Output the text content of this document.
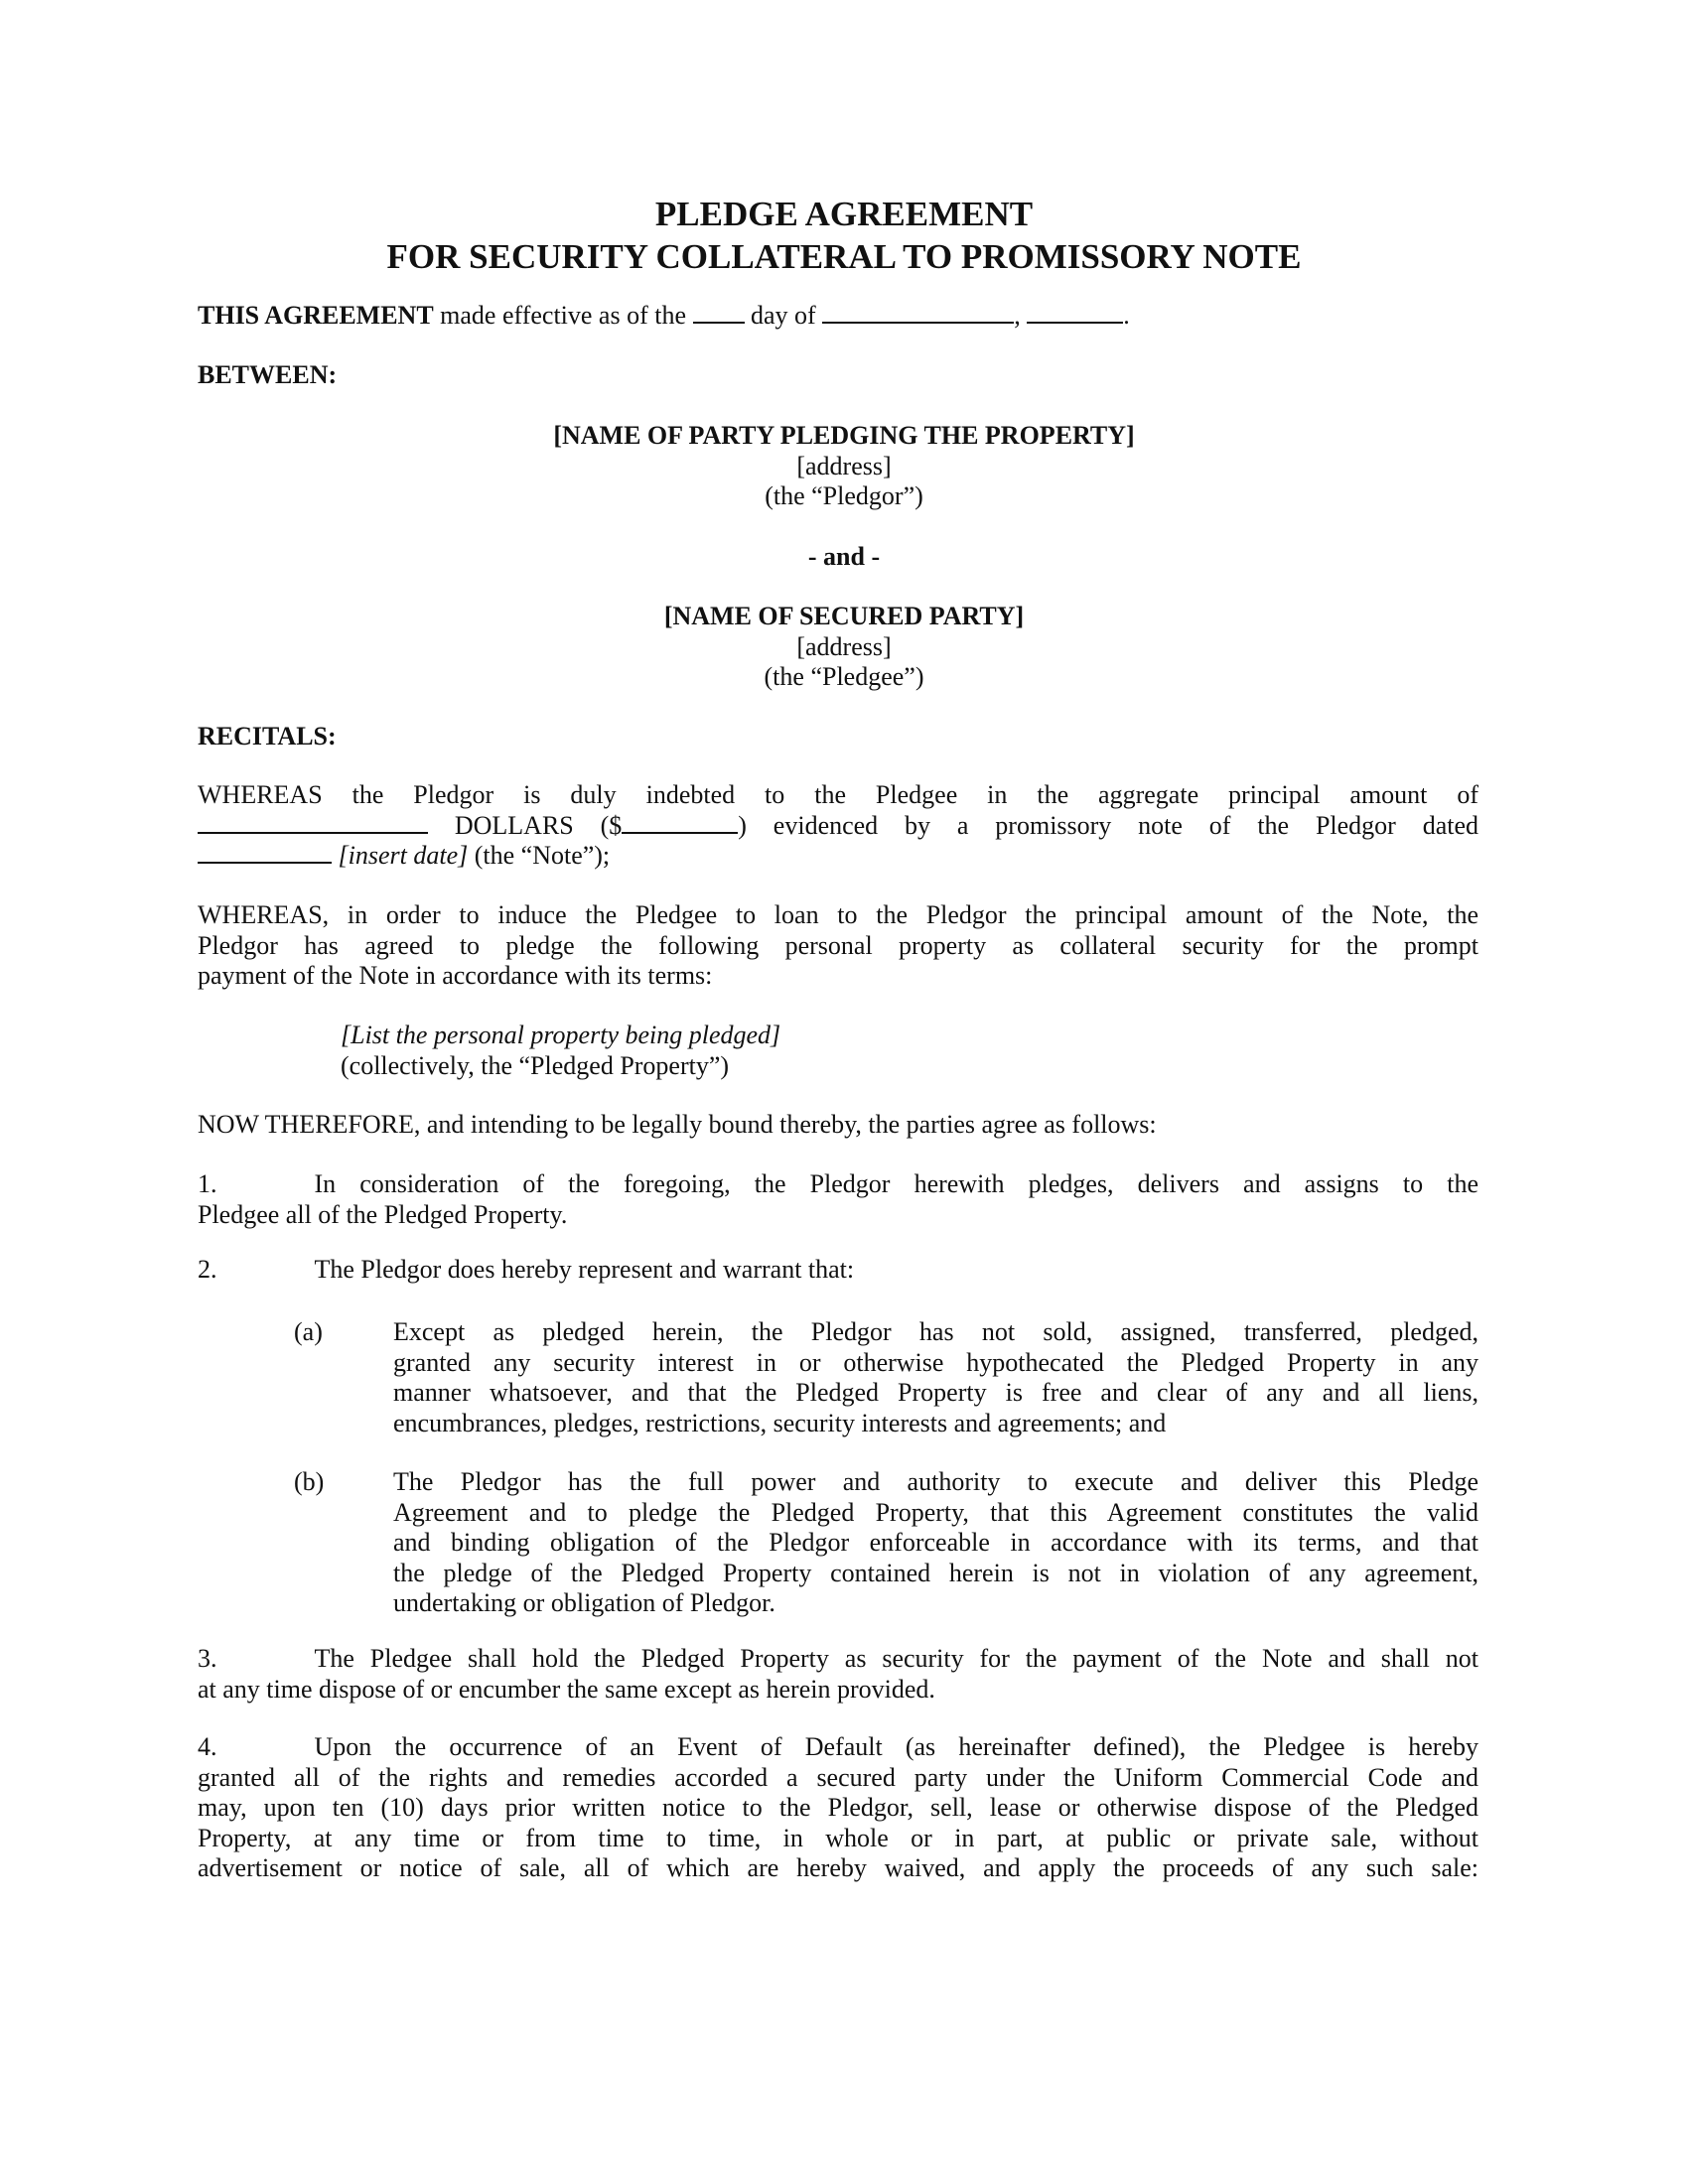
PLEDGE AGREEMENT
FOR SECURITY COLLATERAL TO PROMISSORY NOTE
THIS AGREEMENT made effective as of the  day of	,	.
BETWEEN:
[NAME OF PARTY PLEDGING THE PROPERTY]
[address]
(the “Pledgor”)
- and -
[NAME OF SECURED PARTY]
[address]
(the “Pledgee”)
RECITALS:
WHEREAS the Pledgor is duly indebted to the Pledgee in the aggregate principal amount of
DOLLARS ($	) evidenced by a promissory note of the Pledgor dated
[insert date] (the “Note”);
WHEREAS, in order to induce the Pledgee to loan to the Pledgor the principal amount of the Note, the
Pledgor has agreed to pledge the following personal property as collateral security for the prompt
payment of the Note in accordance with its terms:
[List the personal property being pledged]
(collectively, the “Pledged Property”)
NOW THEREFORE, and intending to be legally bound thereby, the parties agree as follows:
1.	In consideration of the foregoing, the Pledgor herewith pledges, delivers and assigns to the
Pledgee all of the Pledged Property.
2.	The Pledgor does hereby represent and warrant that:
(a)	Except as pledged herein, the Pledgor has not sold, assigned, transferred, pledged,
granted any security interest in or otherwise hypothecated the Pledged Property in any
manner whatsoever, and that the Pledged Property is free and clear of any and all liens,
encumbrances, pledges, restrictions, security interests and agreements; and
(b)	The Pledgor has the full power and authority to execute and deliver this Pledge
Agreement and to pledge the Pledged Property, that this Agreement constitutes the valid
and binding obligation of the Pledgor enforceable in accordance with its terms, and that
the pledge of the Pledged Property contained herein is not in violation of any agreement,
undertaking or obligation of Pledgor.
3.	The Pledgee shall hold the Pledged Property as security for the payment of the Note and shall not
at any time dispose of or encumber the same except as herein provided.
4.	Upon the occurrence of an Event of Default (as hereinafter defined), the Pledgee is hereby
granted all of the rights and remedies accorded a secured party under the Uniform Commercial Code and
may, upon ten (10) days prior written notice to the Pledgor, sell, lease or otherwise dispose of the Pledged
Property, at any time or from time to time, in whole or in part, at public or private sale, without
advertisement or notice of sale, all of which are hereby waived, and apply the proceeds of any such sale:
